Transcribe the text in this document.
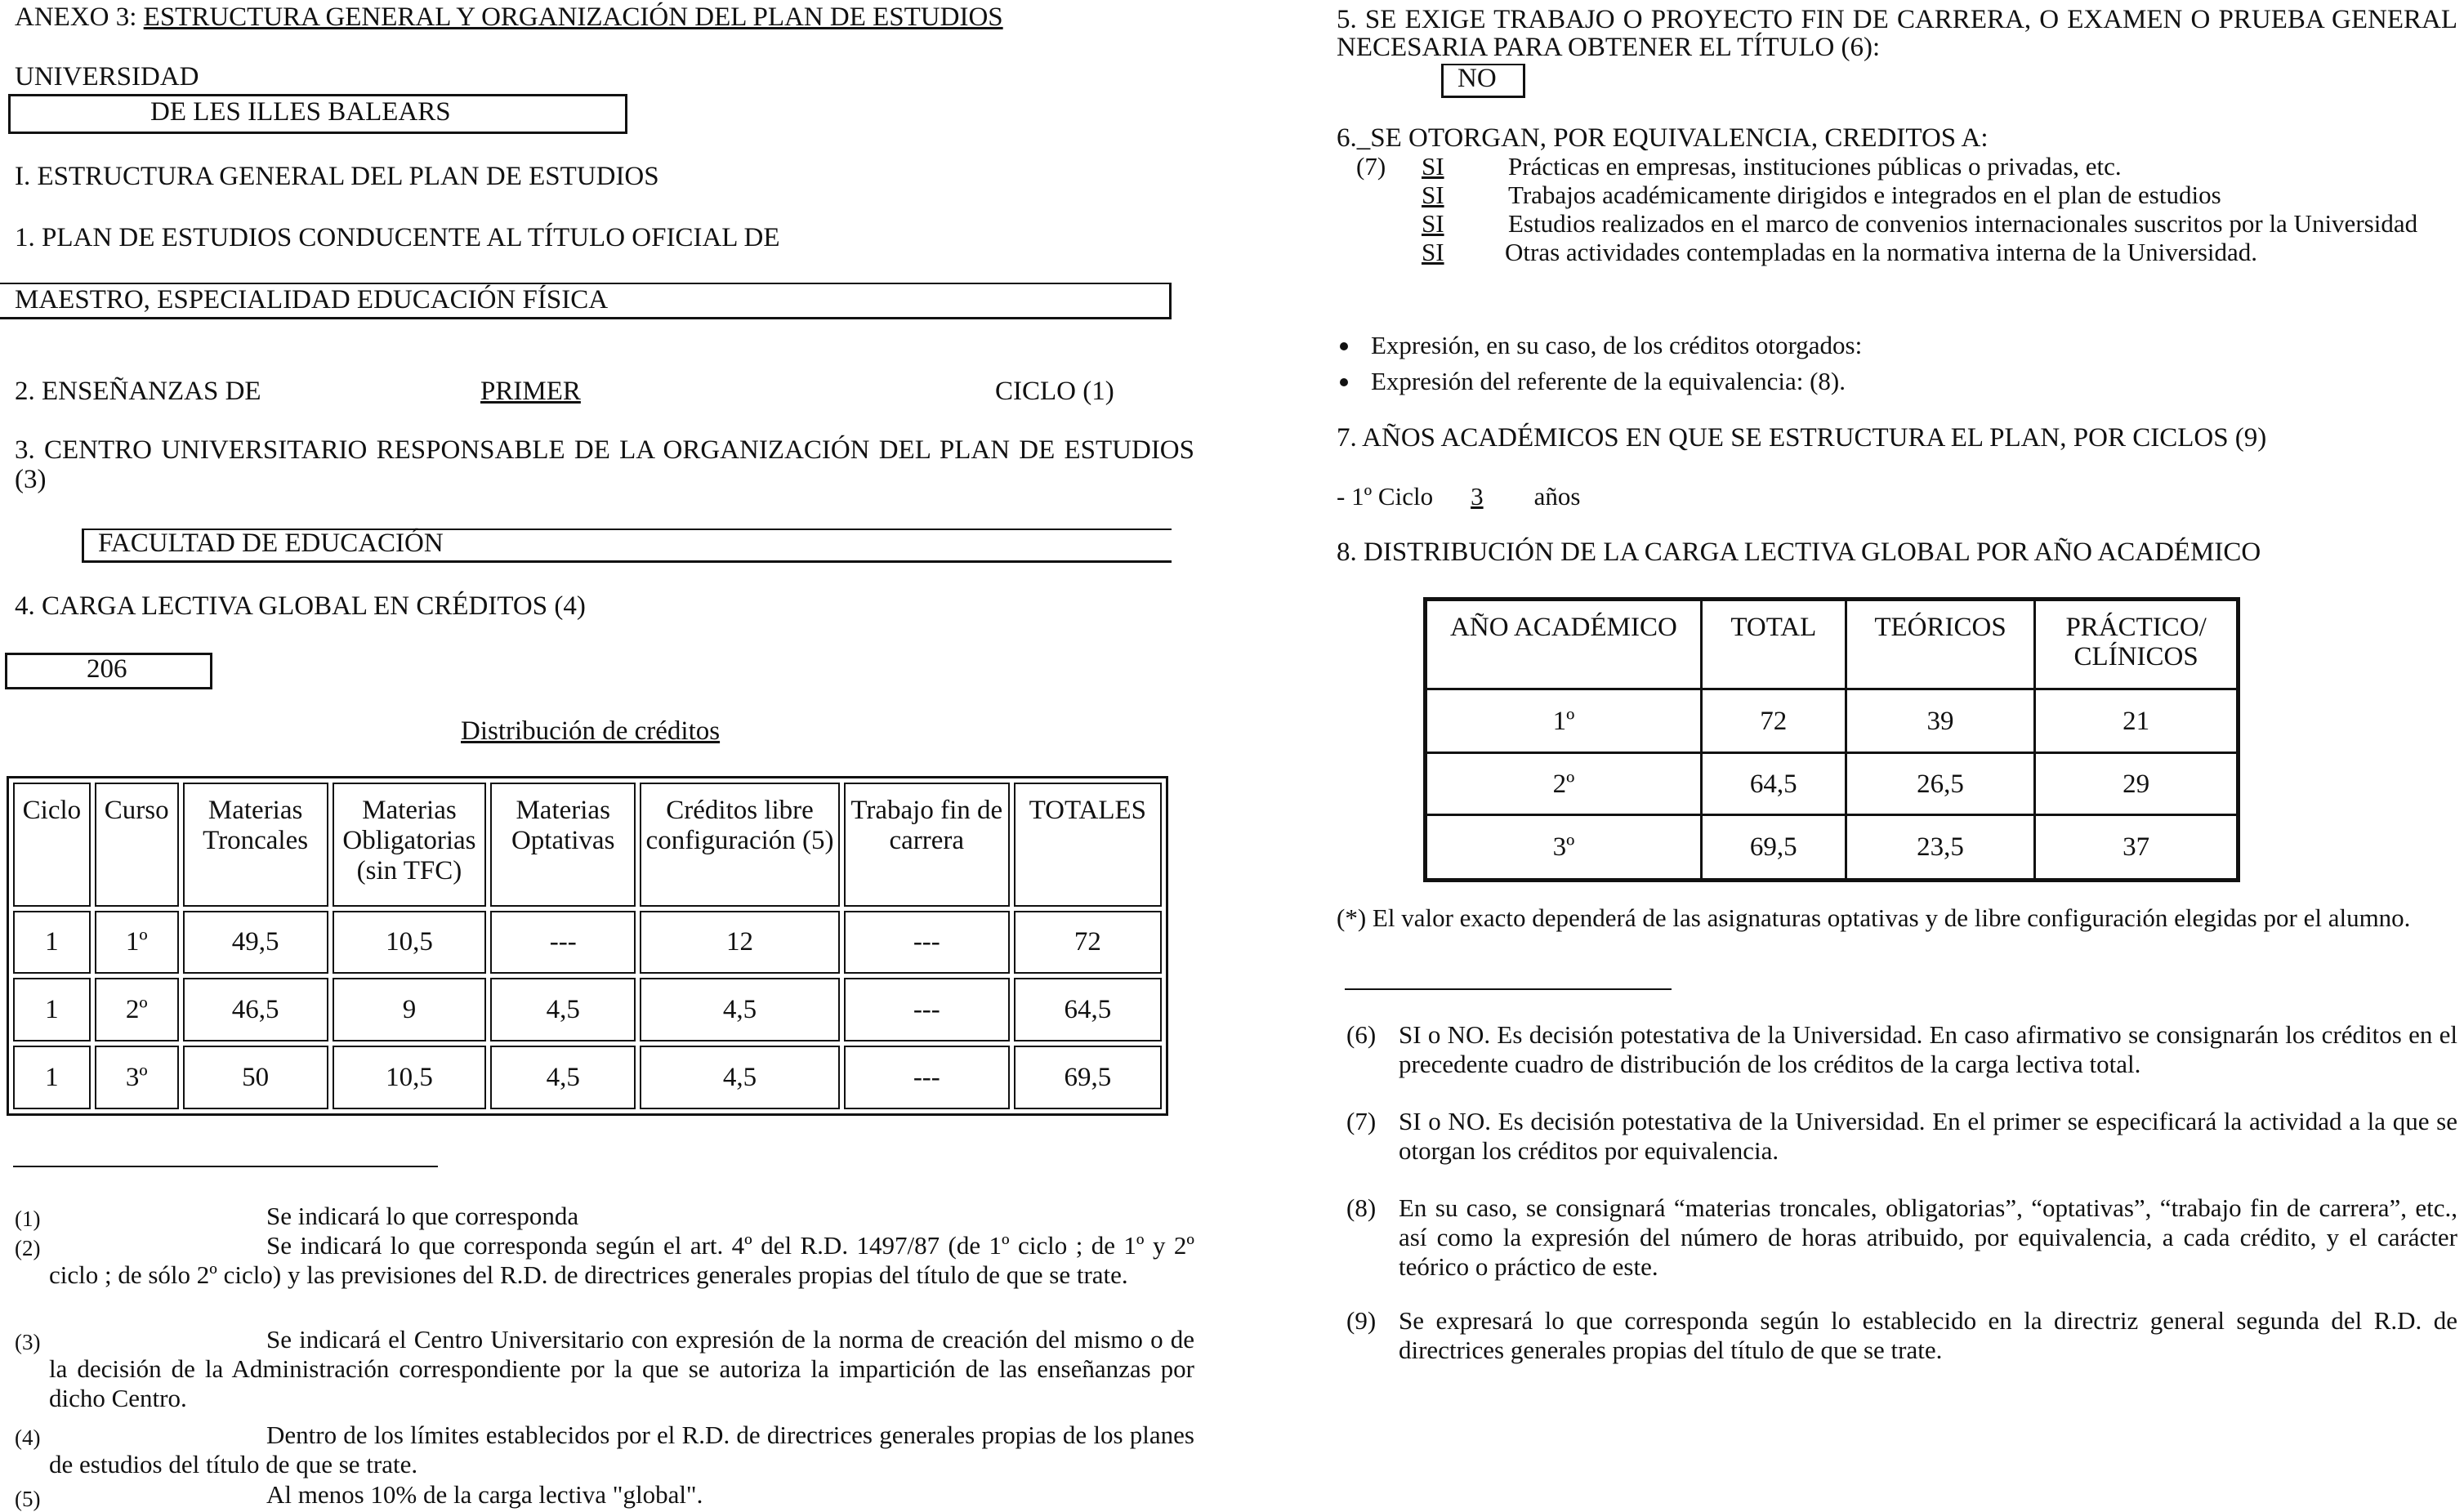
ANEXO 3: ESTRUCTURA GENERAL Y ORGANIZACIÓN DEL PLAN DE ESTUDIOS
UNIVERSIDAD
DE LES ILLES BALEARS
I. ESTRUCTURA GENERAL DEL PLAN DE ESTUDIOS
1. PLAN DE ESTUDIOS CONDUCENTE AL TÍTULO OFICIAL DE
MAESTRO, ESPECIALIDAD EDUCACIÓN FÍSICA
2. ENSEÑANZAS DE	PRIMER	CICLO (1)
3. CENTRO UNIVERSITARIO RESPONSABLE DE LA ORGANIZACIÓN DEL PLAN DE ESTUDIOS (3)
FACULTAD DE EDUCACIÓN
4. CARGA LECTIVA GLOBAL EN CRÉDITOS (4)
206
Distribución de créditos
Ciclo	Curso	Materias Troncales	Materias Obligatorias (sin TFC)	Materias Optativas	Créditos libre configuración (5)	Trabajo fin de carrera	TOTALES
1	1º	49,5	10,5	---	12	---	72
1	2º	46,5	9	4,5	4,5	---	64,5
1	3º	50	10,5	4,5	4,5	---	69,5
(1)	Se indicará lo que corresponda
(2)	Se indicará lo que corresponda según el art. 4º del R.D. 1497/87 (de 1º ciclo ; de 1º y 2º ciclo ; de sólo 2º ciclo) y las previsiones del R.D. de directrices generales propias del título de que se trate.
(3)	Se indicará el Centro Universitario con expresión de la norma de creación del mismo o de la decisión de la Administración correspondiente por la que se autoriza la impartición de las enseñanzas por dicho Centro.
(4)	Dentro de los límites establecidos por el R.D. de directrices generales propias de los planes de estudios del título de que se trate.
(5)	Al menos 10% de la carga lectiva "global".
5. SE EXIGE TRABAJO O PROYECTO FIN DE CARRERA, O EXAMEN O PRUEBA GENERAL NECESARIA PARA OBTENER EL TÍTULO (6):
NO
6._SE OTORGAN, POR EQUIVALENCIA, CREDITOS A:
(7) SI	Prácticas en empresas, instituciones públicas o privadas, etc.
SI	Trabajos académicamente dirigidos e integrados en el plan de estudios
SI	Estudios realizados en el marco de convenios internacionales suscritos por la Universidad
SI Otras actividades contempladas en la normativa interna de la Universidad.
Expresión, en su caso, de los créditos otorgados:
Expresión del referente de la equivalencia: (8).
7. AÑOS ACADÉMICOS EN QUE SE ESTRUCTURA EL PLAN, POR CICLOS (9)
- 1º Ciclo 3 años
8. DISTRIBUCIÓN DE LA CARGA LECTIVA GLOBAL POR AÑO ACADÉMICO
AÑO ACADÉMICO	TOTAL	TEÓRICOS	PRÁCTICO/ CLÍNICOS
1º	72	39	21
2º	64,5	26,5	29
3º	69,5	23,5	37
(*) El valor exacto dependerá de las asignaturas optativas y de libre configuración elegidas por el alumno.
(6) SI o NO. Es decisión potestativa de la Universidad. En caso afirmativo se consignarán los créditos en el precedente cuadro de distribución de los créditos de la carga lectiva total.
(7) SI o NO. Es decisión potestativa de la Universidad. En el primer se especificará la actividad a la que se otorgan los créditos por equivalencia.
(8) En su caso, se consignará “materias troncales, obligatorias”, “optativas”, “trabajo fin de carrera”, etc., así como la expresión del número de horas atribuido, por equivalencia, a cada crédito, y el carácter teórico o práctico de este.
(9) Se expresará lo que corresponda según lo establecido en la directriz general segunda del R.D. de directrices generales propias del título de que se trate.
